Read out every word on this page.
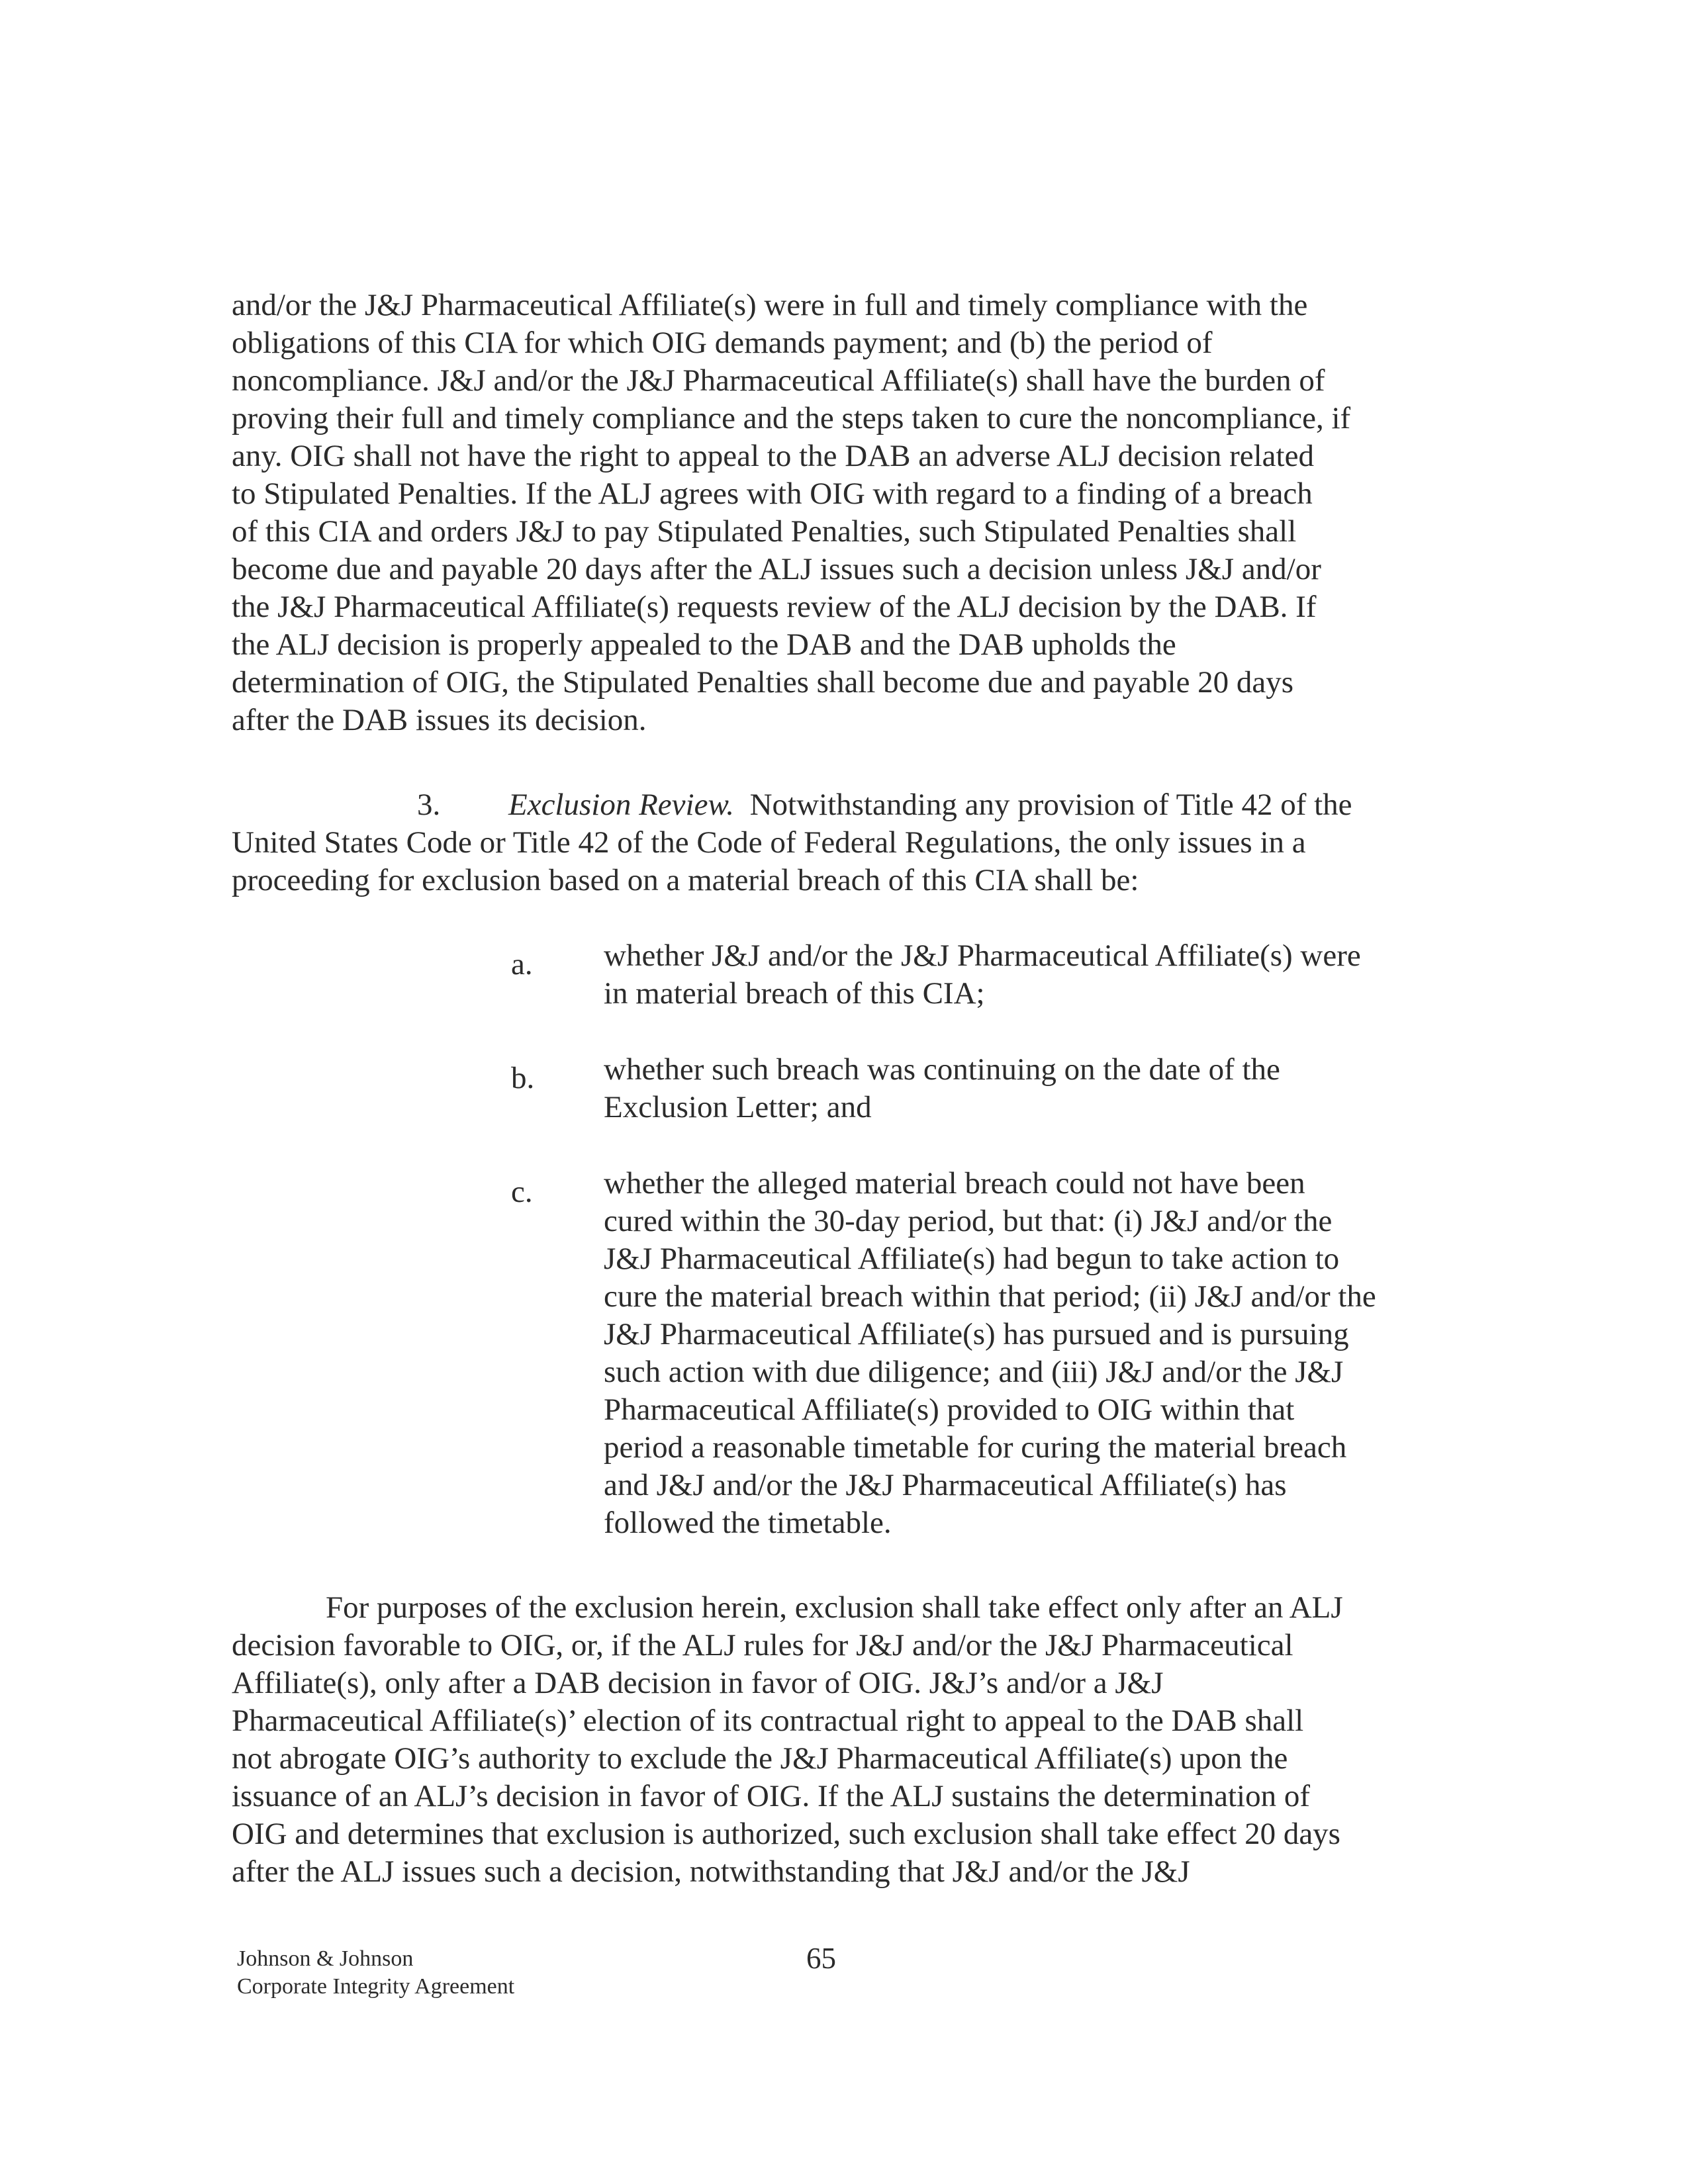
and/or the J&J Pharmaceutical Affiliate(s) were in full and timely compliance with the
obligations of this CIA for which OIG demands payment; and (b) the period of
noncompliance. J&J and/or the J&J Pharmaceutical Affiliate(s) shall have the burden of
proving their full and timely compliance and the steps taken to cure the noncompliance, if
any. OIG shall not have the right to appeal to the DAB an adverse ALJ decision related
to Stipulated Penalties. If the ALJ agrees with OIG with regard to a finding of a breach
of this CIA and orders J&J to pay Stipulated Penalties, such Stipulated Penalties shall
become due and payable 20 days after the ALJ issues such a decision unless J&J and/or
the J&J Pharmaceutical Affiliate(s) requests review of the ALJ decision by the DAB. If
the ALJ decision is properly appealed to the DAB and the DAB upholds the
determination of OIG, the Stipulated Penalties shall become due and payable 20 days
after the DAB issues its decision.
3. Exclusion Review. Notwithstanding any provision of Title 42 of the
United States Code or Title 42 of the Code of Federal Regulations, the only issues in a
proceeding for exclusion based on a material breach of this CIA shall be:
a. whether J&J and/or the J&J Pharmaceutical Affiliate(s) were
in material breach of this CIA;
b. whether such breach was continuing on the date of the
Exclusion Letter; and
c. whether the alleged material breach could not have been
cured within the 30-day period, but that: (i) J&J and/or the
J&J Pharmaceutical Affiliate(s) had begun to take action to
cure the material breach within that period; (ii) J&J and/or the
J&J Pharmaceutical Affiliate(s) has pursued and is pursuing
such action with due diligence; and (iii) J&J and/or the J&J
Pharmaceutical Affiliate(s) provided to OIG within that
period a reasonable timetable for curing the material breach
and J&J and/or the J&J Pharmaceutical Affiliate(s) has
followed the timetable.
For purposes of the exclusion herein, exclusion shall take effect only after an ALJ
decision favorable to OIG, or, if the ALJ rules for J&J and/or the J&J Pharmaceutical
Affiliate(s), only after a DAB decision in favor of OIG. J&J’s and/or a J&J
Pharmaceutical Affiliate(s)’ election of its contractual right to appeal to the DAB shall
not abrogate OIG’s authority to exclude the J&J Pharmaceutical Affiliate(s) upon the
issuance of an ALJ’s decision in favor of OIG. If the ALJ sustains the determination of
OIG and determines that exclusion is authorized, such exclusion shall take effect 20 days
after the ALJ issues such a decision, notwithstanding that J&J and/or the J&J
Johnson & Johnson
Corporate Integrity Agreement
65
